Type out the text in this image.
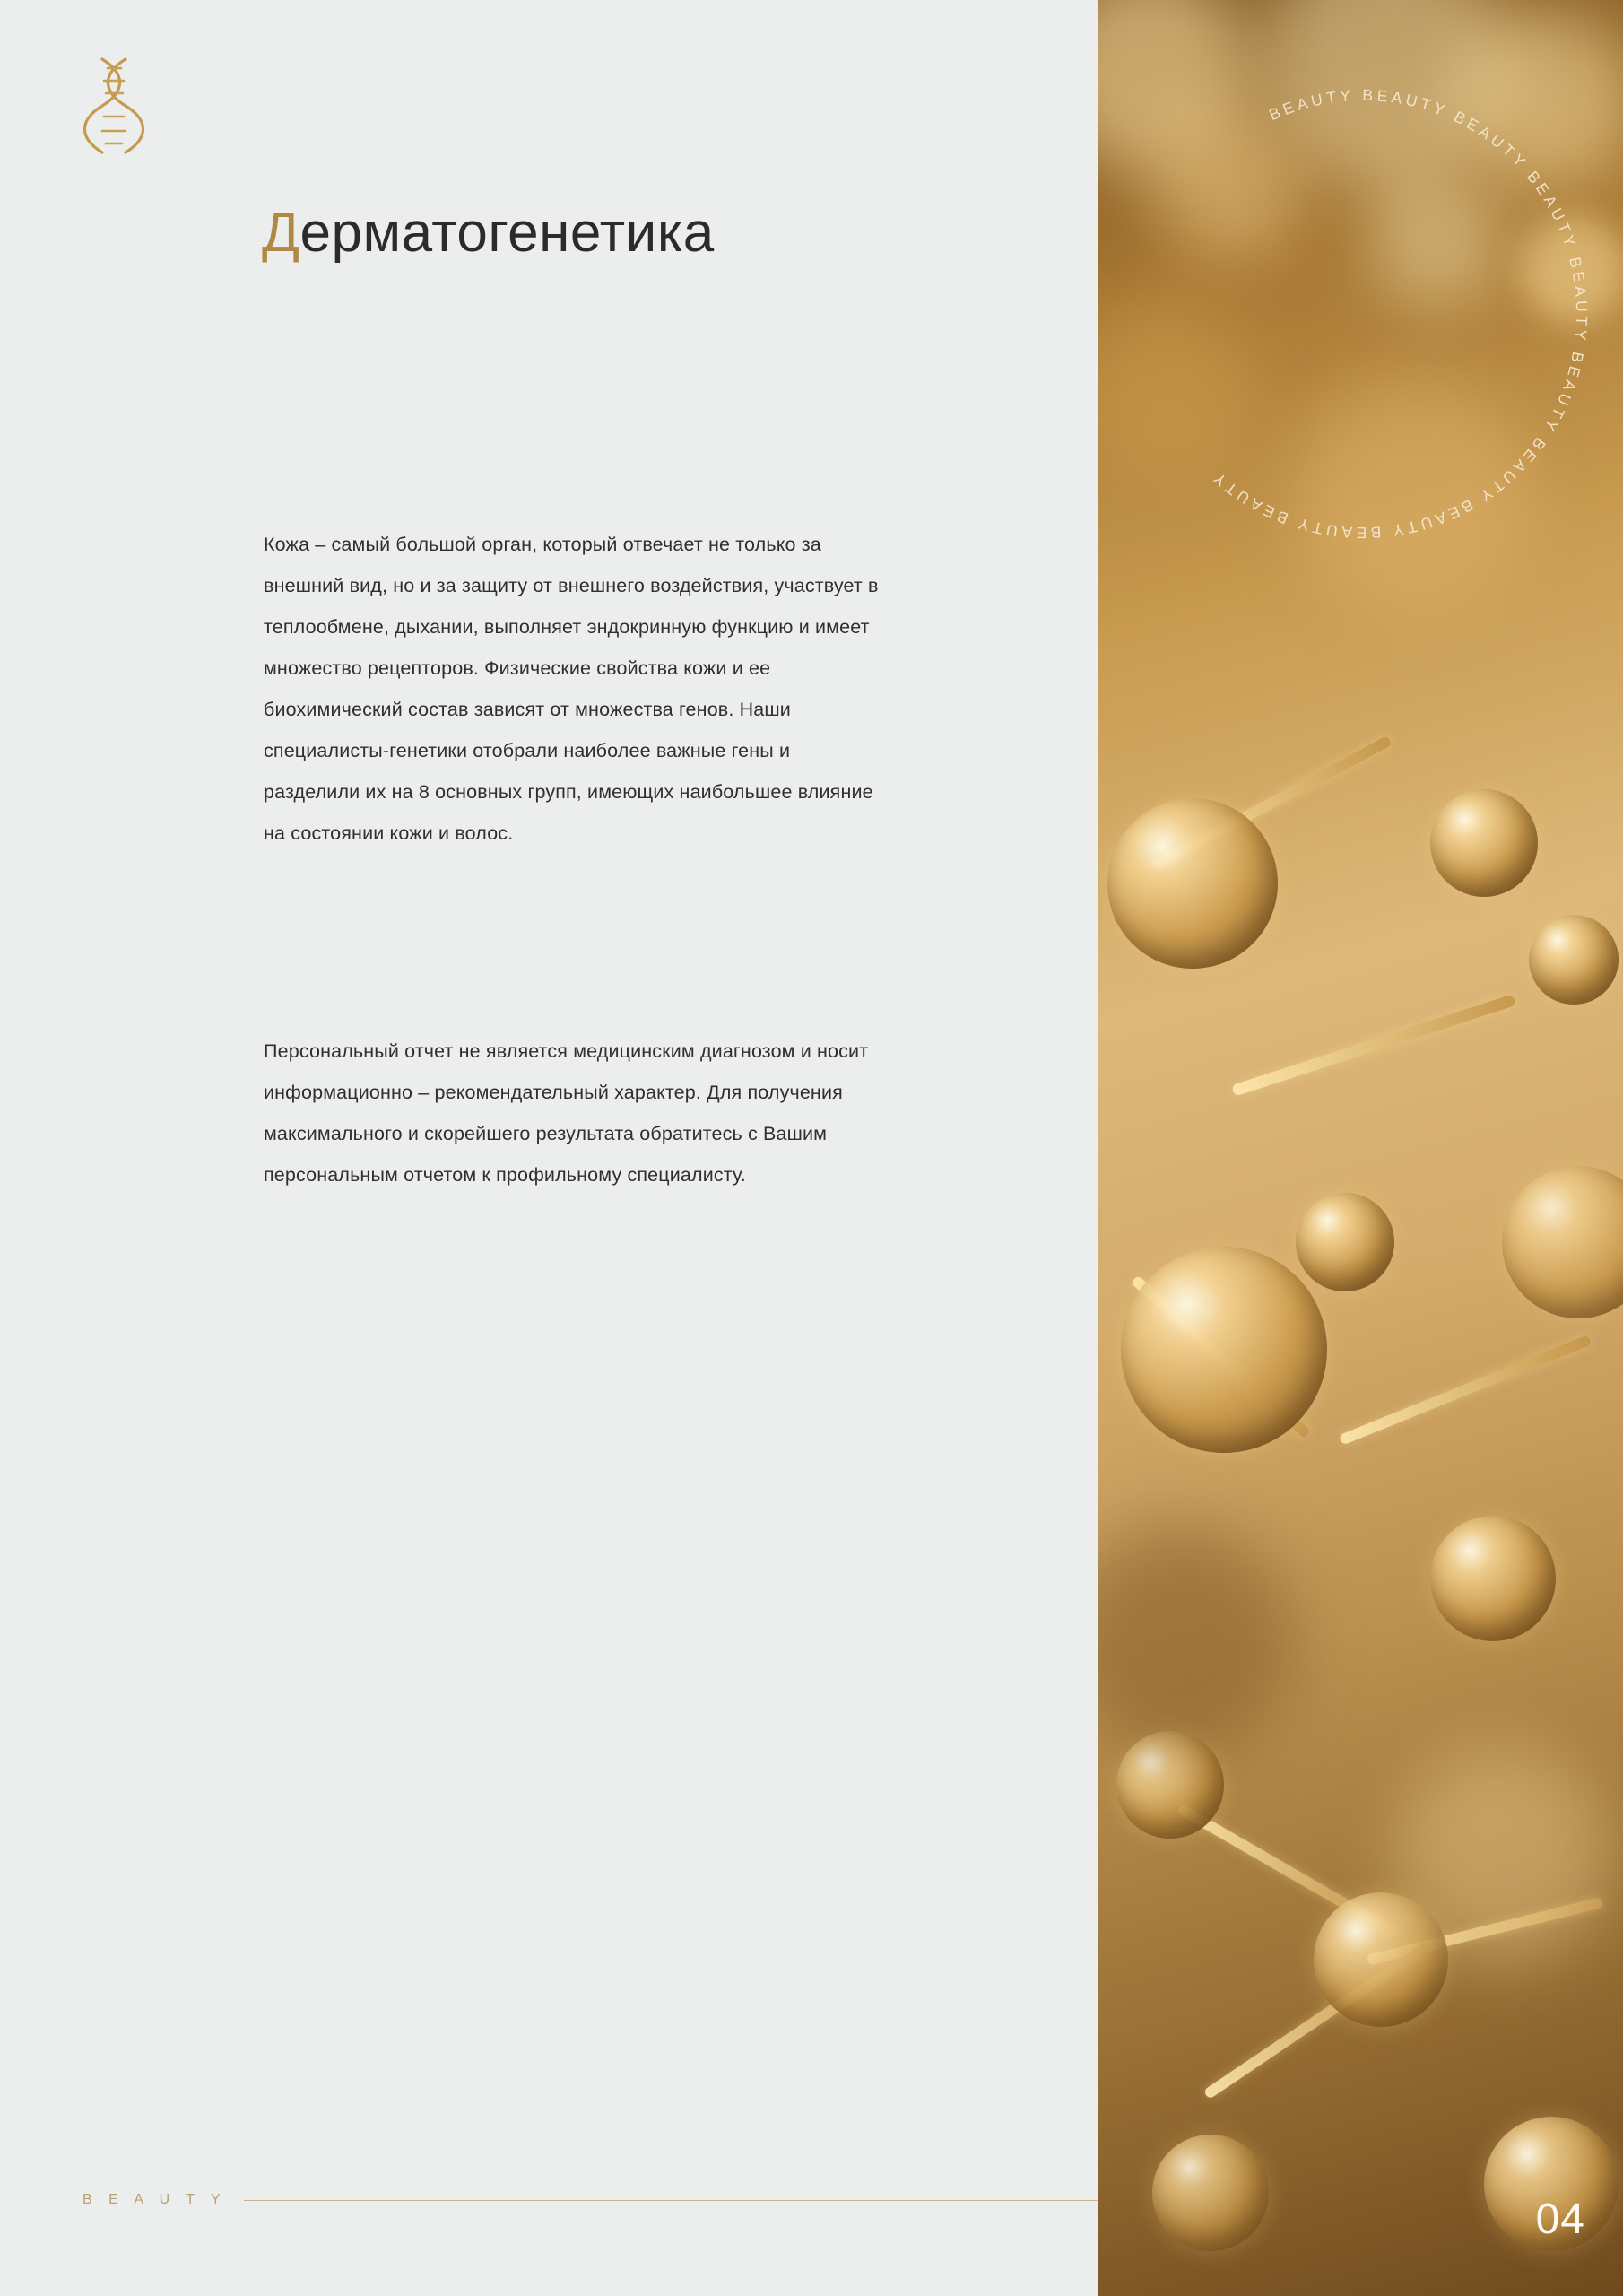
Дерматогенетика

Кожа – самый большой орган, который отвечает не только за внешний вид, но и за защиту от внешнего воздействия, участвует в теплообмене, дыхании, выполняет эндокринную функцию и имеет множество рецепторов. Физические свойства кожи и ее биохимический состав зависят от множества генов. Наши специалисты-генетики отобрали наиболее важные гены и разделили их на 8 основных групп, имеющих наибольшее влияние на состоянии кожи и волос.

Персональный отчет не является медицинским диагнозом и носит информационно – рекомендательный характер. Для получения максимального и скорейшего результата обратитесь с Вашим персональным отчетом к профильному специалисту.

B E A U T Y
BEAUTY BEAUTY BEAUTY BEAUTY BEAUTY BEAUTY BEAUTY BEAUTY BEAUTY BEAUTY
04
